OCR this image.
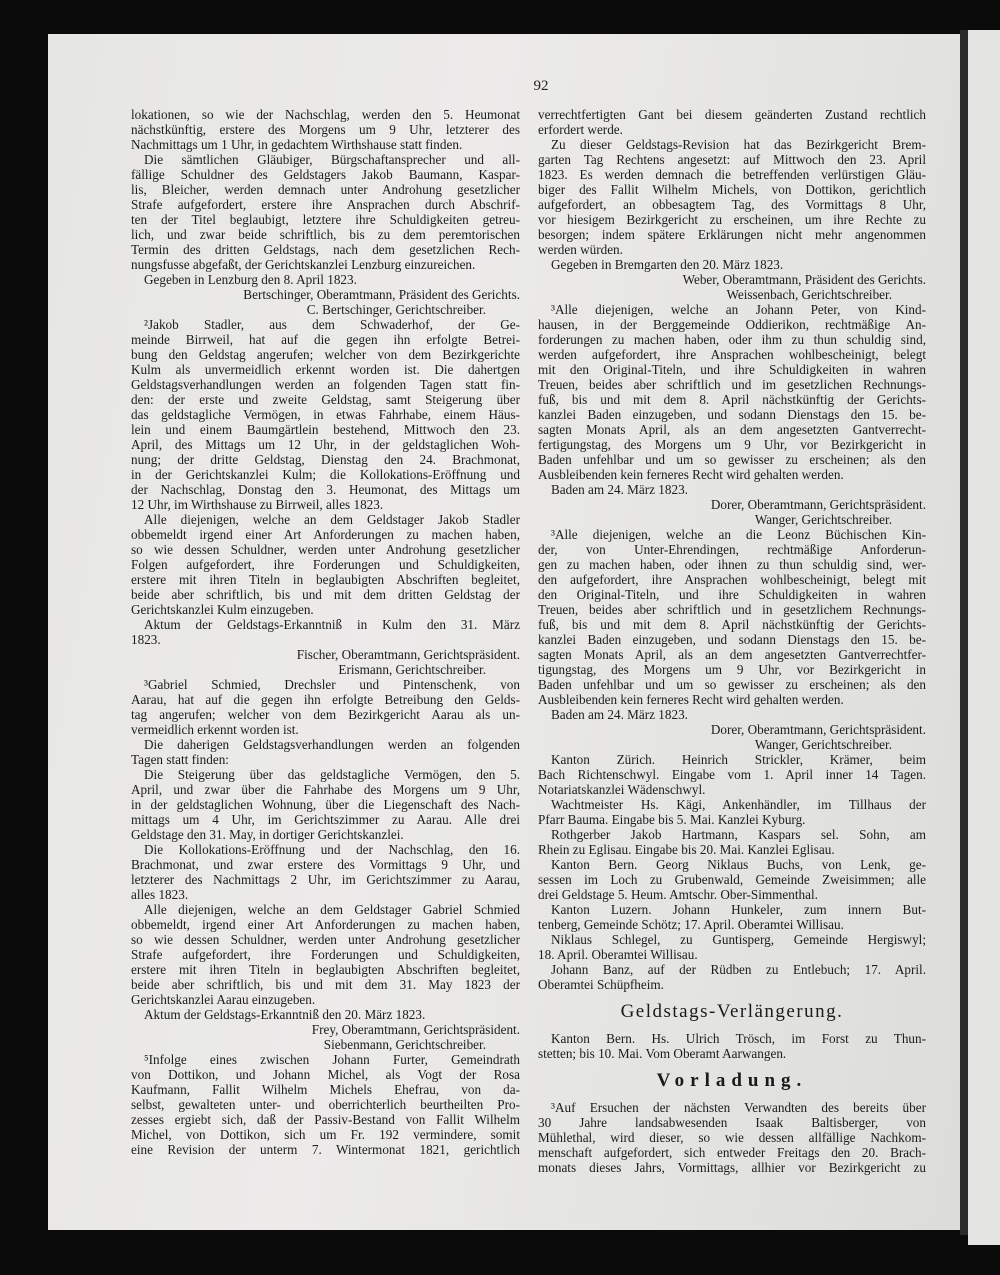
92
lokationen, so wie der Nachschlag, werden den 5. Heumonat
nächstkünftig, erstere des Morgens um 9 Uhr, letzterer des
Nachmittags um 1 Uhr, in gedachtem Wirthshause statt finden.
Die sämtlichen Gläubiger, Bürgschaftansprecher und all-
fällige Schuldner des Geldstagers Jakob Baumann, Kaspar-
lis, Bleicher, werden demnach unter Androhung gesetzlicher
Strafe aufgefordert, erstere ihre Ansprachen durch Abschrif-
ten der Titel beglaubigt, letztere ihre Schuldigkeiten getreu-
lich, und zwar beide schriftlich, bis zu dem peremtorischen
Termin des dritten Geldstags, nach dem gesetzlichen Rech-
nungsfusse abgefaßt, der Gerichtskanzlei Lenzburg einzureichen.
Gegeben in Lenzburg den 8. April 1823.
Bertschinger, Oberamtmann, Präsident des Gerichts.
C. Bertschinger, Gerichtschreiber.
²Jakob Stadler, aus dem Schwaderhof, der Ge-
meinde Birrweil, hat auf die gegen ihn erfolgte Betrei-
bung den Geldstag angerufen; welcher von dem Bezirkgerichte
Kulm als unvermeidlich erkennt worden ist. Die dahertgen
Geldstagsverhandlungen werden an folgenden Tagen statt fin-
den: der erste und zweite Geldstag, samt Steigerung über
das geldstagliche Vermögen, in etwas Fahrhabe, einem Häus-
lein und einem Baumgärtlein bestehend, Mittwoch den 23.
April, des Mittags um 12 Uhr, in der geldstaglichen Woh-
nung; der dritte Geldstag, Dienstag den 24. Brachmonat,
in der Gerichtskanzlei Kulm; die Kollokations-Eröffnung und
der Nachschlag, Donstag den 3. Heumonat, des Mittags um
12 Uhr, im Wirthshause zu Birrweil, alles 1823.
Alle diejenigen, welche an dem Geldstager Jakob Stadler
obbemeldt irgend einer Art Anforderungen zu machen haben,
so wie dessen Schuldner, werden unter Androhung gesetzlicher
Folgen aufgefordert, ihre Forderungen und Schuldigkeiten,
erstere mit ihren Titeln in beglaubigten Abschriften begleitet,
beide aber schriftlich, bis und mit dem dritten Geldstag der
Gerichtskanzlei Kulm einzugeben.
Aktum der Geldstags-Erkanntniß in Kulm den 31. März
1823.
Fischer, Oberamtmann, Gerichtspräsident.
Erismann, Gerichtschreiber.
³Gabriel Schmied, Drechsler und Pintenschenk, von
Aarau, hat auf die gegen ihn erfolgte Betreibung den Gelds-
tag angerufen; welcher von dem Bezirkgericht Aarau als un-
vermeidlich erkennt worden ist.
Die daherigen Geldstagsverhandlungen werden an folgenden
Tagen statt finden:
Die Steigerung über das geldstagliche Vermögen, den 5.
April, und zwar über die Fahrhabe des Morgens um 9 Uhr,
in der geldstaglichen Wohnung, über die Liegenschaft des Nach-
mittags um 4 Uhr, im Gerichtszimmer zu Aarau. Alle drei
Geldstage den 31. May, in dortiger Gerichtskanzlei.
Die Kollokations-Eröffnung und der Nachschlag, den 16.
Brachmonat, und zwar erstere des Vormittags 9 Uhr, und
letzterer des Nachmittags 2 Uhr, im Gerichtszimmer zu Aarau,
alles 1823.
Alle diejenigen, welche an dem Geldstager Gabriel Schmied
obbemeldt, irgend einer Art Anforderungen zu machen haben,
so wie dessen Schuldner, werden unter Androhung gesetzlicher
Strafe aufgefordert, ihre Forderungen und Schuldigkeiten,
erstere mit ihren Titeln in beglaubigten Abschriften begleitet,
beide aber schriftlich, bis und mit dem 31. May 1823 der
Gerichtskanzlei Aarau einzugeben.
Aktum der Geldstags-Erkanntniß den 20. März 1823.
Frey, Oberamtmann, Gerichtspräsident.
Siebenmann, Gerichtschreiber.
⁵Infolge eines zwischen Johann Furter, Gemeindrath
von Dottikon, und Johann Michel, als Vogt der Rosa
Kaufmann, Fallit Wilhelm Michels Ehefrau, von da-
selbst, gewalteten unter- und oberrichterlich beurtheilten Pro-
zesses ergiebt sich, daß der Passiv-Bestand von Fallit Wilhelm
Michel, von Dottikon, sich um Fr. 192 vermindere, somit
eine Revision der unterm 7. Wintermonat 1821, gerichtlich
verrechtfertigten Gant bei diesem geänderten Zustand rechtlich
erfordert werde.
Zu dieser Geldstags-Revision hat das Bezirkgericht Brem-
garten Tag Rechtens angesetzt: auf Mittwoch den 23. April
1823. Es werden demnach die betreffenden verlürstigen Gläu-
biger des Fallit Wilhelm Michels, von Dottikon, gerichtlich
aufgefordert, an obbesagtem Tag, des Vormittags 8 Uhr,
vor hiesigem Bezirkgericht zu erscheinen, um ihre Rechte zu
besorgen; indem spätere Erklärungen nicht mehr angenommen
werden würden.
Gegeben in Bremgarten den 20. März 1823.
Weber, Oberamtmann, Präsident des Gerichts.
Weissenbach, Gerichtschreiber.
³Alle diejenigen, welche an Johann Peter, von Kind-
hausen, in der Berggemeinde Oddierikon, rechtmäßige An-
forderungen zu machen haben, oder ihm zu thun schuldig sind,
werden aufgefordert, ihre Ansprachen wohlbescheinigt, belegt
mit den Original-Titeln, und ihre Schuldigkeiten in wahren
Treuen, beides aber schriftlich und im gesetzlichen Rechnungs-
fuß, bis und mit dem 8. April nächstkünftig der Gerichts-
kanzlei Baden einzugeben, und sodann Dienstags den 15. be-
sagten Monats April, als an dem angesetzten Gantverrecht-
fertigungstag, des Morgens um 9 Uhr, vor Bezirkgericht in
Baden unfehlbar und um so gewisser zu erscheinen; als den
Ausbleibenden kein ferneres Recht wird gehalten werden.
Baden am 24. März 1823.
Dorer, Oberamtmann, Gerichtspräsident.
Wanger, Gerichtschreiber.
³Alle diejenigen, welche an die Leonz Büchischen Kin-
der, von Unter-Ehrendingen, rechtmäßige Anforderun-
gen zu machen haben, oder ihnen zu thun schuldig sind, wer-
den aufgefordert, ihre Ansprachen wohlbescheinigt, belegt mit
den Original-Titeln, und ihre Schuldigkeiten in wahren
Treuen, beides aber schriftlich und in gesetzlichem Rechnungs-
fuß, bis und mit dem 8. April nächstkünftig der Gerichts-
kanzlei Baden einzugeben, und sodann Dienstags den 15. be-
sagten Monats April, als an dem angesetzten Gantverrechtfer-
tigungstag, des Morgens um 9 Uhr, vor Bezirkgericht in
Baden unfehlbar und um so gewisser zu erscheinen; als den
Ausbleibenden kein ferneres Recht wird gehalten werden.
Baden am 24. März 1823.
Dorer, Oberamtmann, Gerichtspräsident.
Wanger, Gerichtschreiber.
Kanton Zürich. Heinrich Strickler, Krämer, beim
Bach Richtenschwyl. Eingabe vom 1. April inner 14 Tagen.
Notariatskanzlei Wädenschwyl.
Wachtmeister Hs. Kägi, Ankenhändler, im Tillhaus der
Pfarr Bauma. Eingabe bis 5. Mai. Kanzlei Kyburg.
Rothgerber Jakob Hartmann, Kaspars sel. Sohn, am
Rhein zu Eglisau. Eingabe bis 20. Mai. Kanzlei Eglisau.
Kanton Bern. Georg Niklaus Buchs, von Lenk, ge-
sessen im Loch zu Grubenwald, Gemeinde Zweisimmen; alle
drei Geldstage 5. Heum. Amtschr. Ober-Simmenthal.
Kanton Luzern. Johann Hunkeler, zum innern But-
tenberg, Gemeinde Schötz; 17. April. Oberamtei Willisau.
Niklaus Schlegel, zu Guntisperg, Gemeinde Hergiswyl;
18. April. Oberamtei Willisau.
Johann Banz, auf der Rüdben zu Entlebuch; 17. April.
Oberamtei Schüpfheim.
Geldstags-Verlängerung.
Kanton Bern. Hs. Ulrich Trösch, im Forst zu Thun-
stetten; bis 10. Mai. Vom Oberamt Aarwangen.
Vorladung.
³Auf Ersuchen der nächsten Verwandten des bereits über
30 Jahre landsabwesenden Isaak Baltisberger, von
Mühlethal, wird dieser, so wie dessen allfällige Nachkom-
menschaft aufgefordert, sich entweder Freitags den 20. Brach-
monats dieses Jahrs, Vormittags, allhier vor Bezirkgericht zu
